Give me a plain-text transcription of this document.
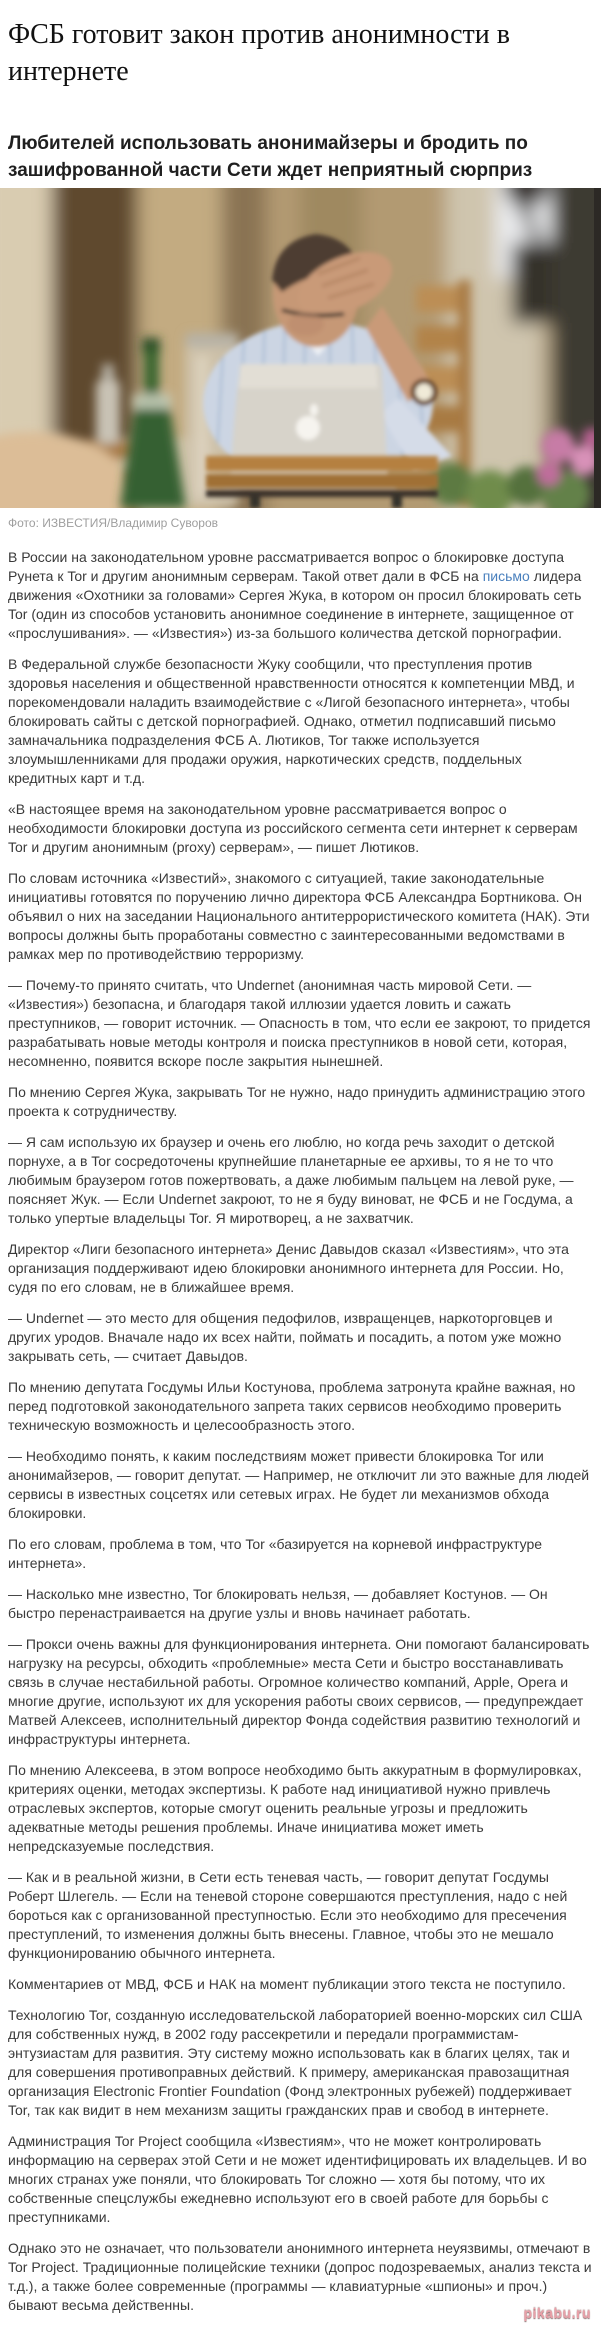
ФСБ готовит закон против анонимности в интернете
Любителей использовать анонимайзеры и бродить по зашифрованной части Сети ждет неприятный сюрприз
Фото: ИЗВЕСТИЯ/Владимир Суворов

В России на законодательном уровне рассматривается вопрос о блокировке доступа Рунета к Tor и другим анонимным серверам. Такой ответ дали в ФСБ на письмо лидера движения «Охотники за головами» Сергея Жука, в котором он просил блокировать сеть Tor (один из способов установить анонимное соединение в интернете, защищенное от «прослушивания». — «Известия») из-за большого количества детской порнографии.

В Федеральной службе безопасности Жуку сообщили, что преступления против здоровья населения и общественной нравственности относятся к компетенции МВД, и порекомендовали наладить взаимодействие с «Лигой безопасного интернета», чтобы блокировать сайты с детской порнографией. Однако, отметил подписавший письмо замначальника подразделения ФСБ А. Лютиков, Tor также используется злоумышленниками для продажи оружия, наркотических средств, поддельных кредитных карт и т.д.

«В настоящее время на законодательном уровне рассматривается вопрос о необходимости блокировки доступа из российского сегмента сети интернет к серверам Tor и другим анонимным (proxy) серверам», — пишет Лютиков.

По словам источника «Известий», знакомого с ситуацией, такие законодательные инициативы готовятся по поручению лично директора ФСБ Александра Бортникова. Он объявил о них на заседании Национального антитеррористического комитета (НАК). Эти вопросы должны быть проработаны совместно с заинтересованными ведомствами в рамках мер по противодействию терроризму.

— Почему-то принято считать, что Undernet (анонимная часть мировой Сети. — «Известия») безопасна, и благодаря такой иллюзии удается ловить и сажать преступников, — говорит источник. — Опасность в том, что если ее закроют, то придется разрабатывать новые методы контроля и поиска преступников в новой сети, которая, несомненно, появится вскоре после закрытия нынешней.

По мнению Сергея Жука, закрывать Tor не нужно, надо принудить администрацию этого проекта к сотрудничеству.

— Я сам использую их браузер и очень его люблю, но когда речь заходит о детской порнухе, а в Tor сосредоточены крупнейшие планетарные ее архивы, то я не то что любимым браузером готов пожертвовать, а даже любимым пальцем на левой руке, — поясняет Жук. — Если Undernet закроют, то не я буду виноват, не ФСБ и не Госдума, а только упертые владельцы Tor. Я миротворец, а не захватчик.

Директор «Лиги безопасного интернета» Денис Давыдов сказал «Известиям», что эта организация поддерживают идею блокировки анонимного интернета для России. Но, судя по его словам, не в ближайшее время.

— Undernet — это место для общения педофилов, извращенцев, наркоторговцев и других уродов. Вначале надо их всех найти, поймать и посадить, а потом уже можно закрывать сеть, — считает Давыдов.

По мнению депутата Госдумы Ильи Костунова, проблема затронута крайне важная, но перед подготовкой законодательного запрета таких сервисов необходимо проверить техническую возможность и целесообразность этого.

— Необходимо понять, к каким последствиям может привести блокировка Tor или анонимайзеров, — говорит депутат. — Например, не отключит ли это важные для людей сервисы в известных соцсетях или сетевых играх. Не будет ли механизмов обхода блокировки.

По его словам, проблема в том, что Tor «базируется на корневой инфраструктуре интернета».

— Насколько мне известно, Tor блокировать нельзя, — добавляет Костунов. — Он быстро перенастраивается на другие узлы и вновь начинает работать.

— Прокси очень важны для функционирования интернета. Они помогают балансировать нагрузку на ресурсы, обходить «проблемные» места Сети и быстро восстанавливать связь в случае нестабильной работы. Огромное количество компаний, Apple, Opera и многие другие, используют их для ускорения работы своих сервисов, — предупреждает Матвей Алексеев, исполнительный директор Фонда содействия развитию технологий и инфраструктуры интернета.

По мнению Алексеева, в этом вопросе необходимо быть аккуратным в формулировках, критериях оценки, методах экспертизы. К работе над инициативой нужно привлечь отраслевых экспертов, которые смогут оценить реальные угрозы и предложить адекватные методы решения проблемы. Иначе инициатива может иметь непредсказуемые последствия.

— Как и в реальной жизни, в Сети есть теневая часть, — говорит депутат Госдумы Роберт Шлегель. — Если на теневой стороне совершаются преступления, надо с ней бороться как с организованной преступностью. Если это необходимо для пресечения преступлений, то изменения должны быть внесены. Главное, чтобы это не мешало функционированию обычного интернета.

Комментариев от МВД, ФСБ и НАК на момент публикации этого текста не поступило.

Технологию Tor, созданную исследовательской лабораторией военно-морских сил США для собственных нужд, в 2002 году рассекретили и передали программистам-энтузиастам для развития. Эту систему можно использовать как в благих целях, так и для совершения противоправных действий. К примеру, американская правозащитная организация Electronic Frontier Foundation (Фонд электронных рубежей) поддерживает Tor, так как видит в нем механизм защиты гражданских прав и свобод в интернете.

Администрация Tor Project сообщила «Известиям», что не может контролировать информацию на серверах этой Сети и не может идентифицировать их владельцев. И во многих странах уже поняли, что блокировать Tor сложно — хотя бы потому, что их собственные спецслужбы ежедневно используют его в своей работе для борьбы с преступниками.

Однако это не означает, что пользователи анонимного интернета неуязвимы, отмечают в Tor Project. Традиционные полицейские техники (допрос подозреваемых, анализ текста и т.д.), а также более современные (программы — клавиатурные «шпионы» и проч.) бывают весьма действенны.	pikabu.ru
